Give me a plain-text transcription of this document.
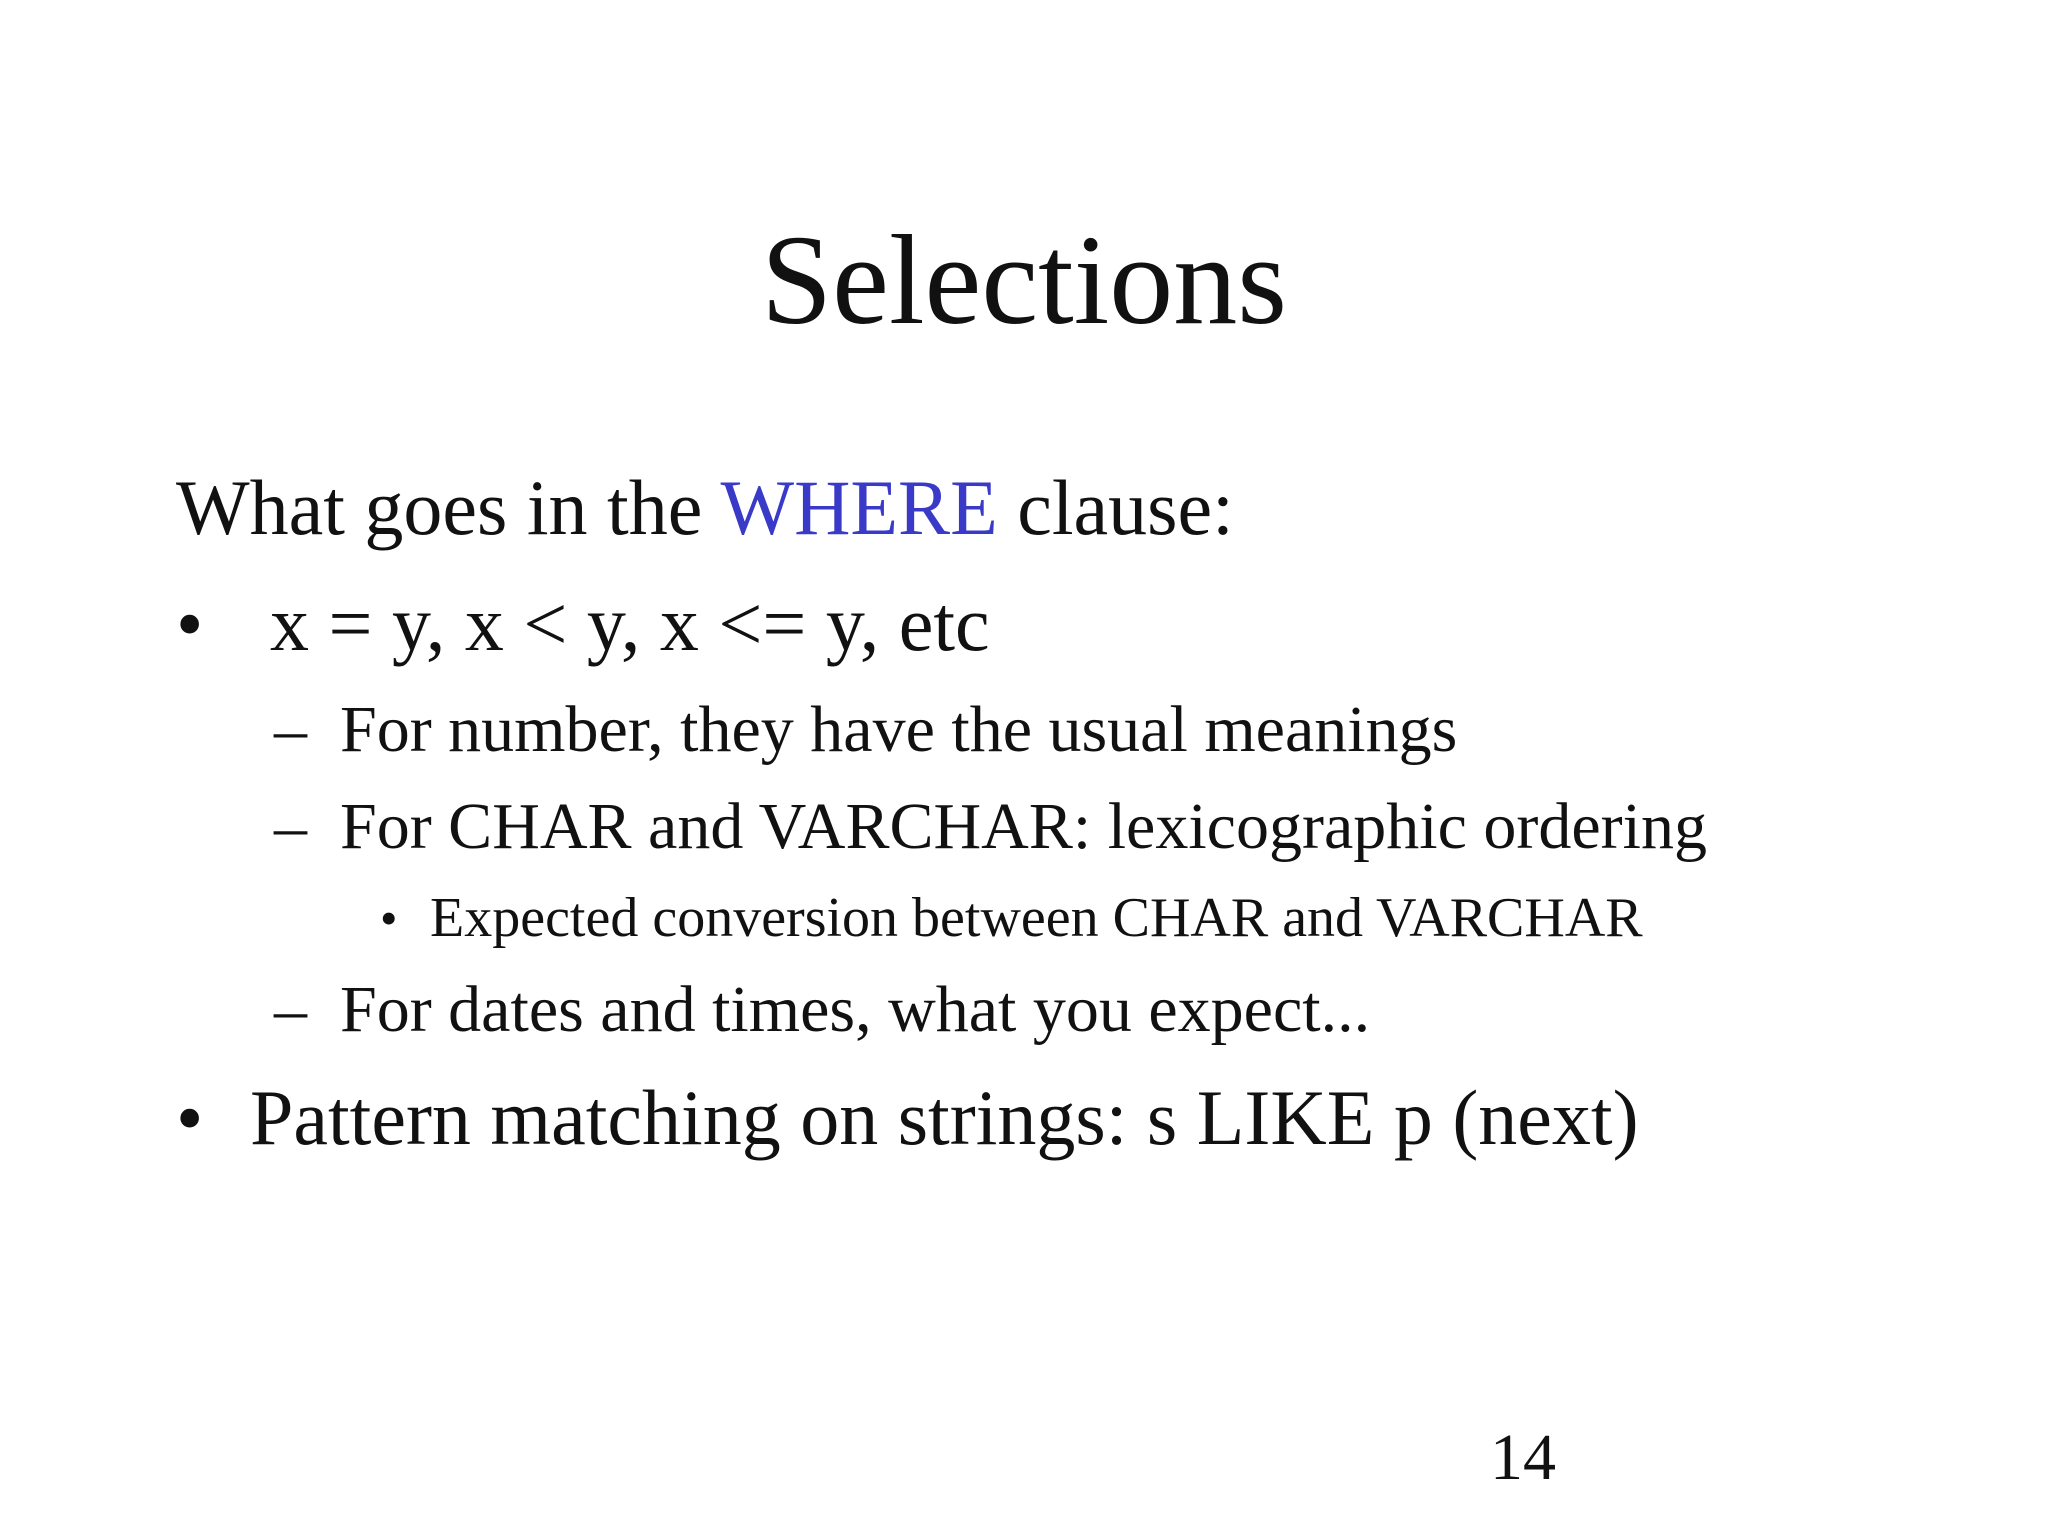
Selections
What goes in the WHERE clause:
• x = y, x < y, x <= y, etc
– For number, they have the usual meanings
– For CHAR and VARCHAR: lexicographic ordering
• Expected conversion between CHAR and VARCHAR
– For dates and times, what you expect...
• Pattern matching on strings: s LIKE p (next)
14
